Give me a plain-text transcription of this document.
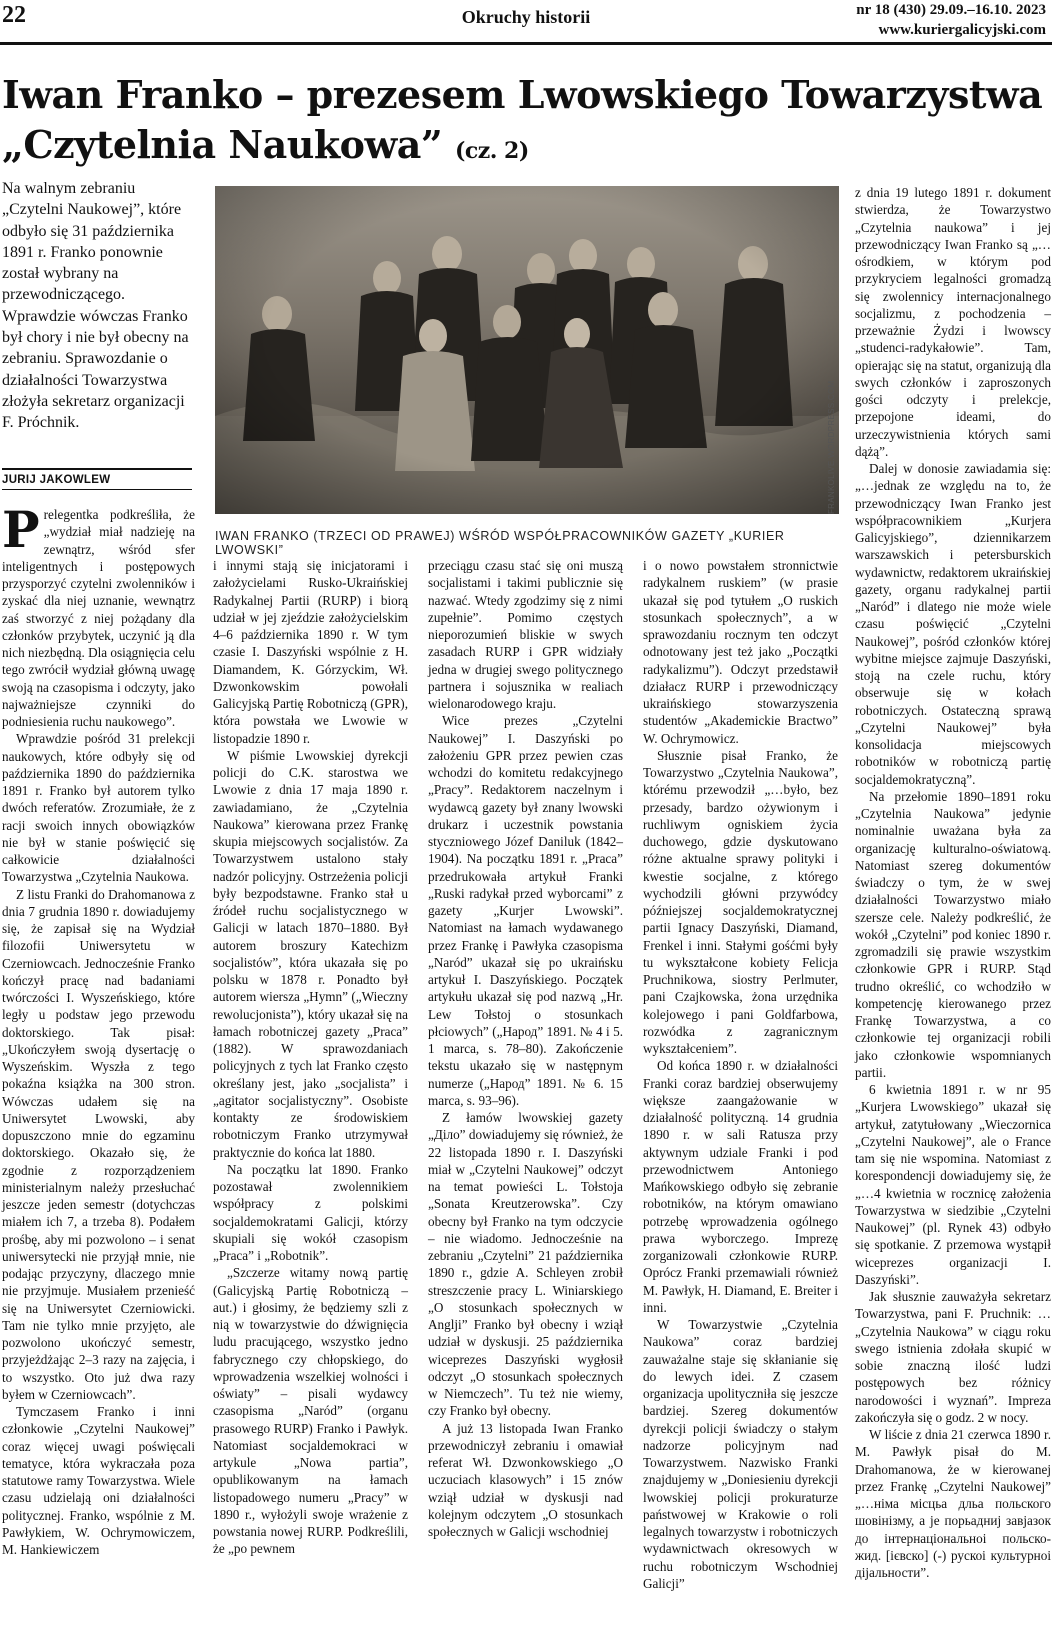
22	Okruchy historii	nr 18 (430) 29.09.–16.10. 2023
www.kuriergalicyjski.com
Iwan Franko – prezesem Lwowskiego Towarzystwa
„Czytelnia Naukowa” (cz. 2)

Na walnym zebraniu „Czytelni Naukowej”, które odbyło się 31 października 1891 r. Franko ponownie został wybrany na przewodniczącego. Wprawdzie wówczas Franko był chory i nie był obecny na zebraniu. Sprawozdanie o działalności Towarzystwa złożyła sekretarz organizacji F. Próchnik.

JURIJ JAKOWLEW	FRANKOLIVE.WORDPRESS.COM

IWAN FRANKO (TRZECI OD PRAWEJ) WŚRÓD WSPÓŁPRACOWNIKÓW GAZETY „KURIER LWOWSKI”

Prelegentka podkreśliła, że „wydział miał nadzieję na zewnątrz, wśród sfer inteligentnych i postępowych przysporzyć czytelni zwolenników i zyskać dla niej uznanie, wewnątrz zaś stworzyć z niej pożądany dla członków przybytek, uczynić ją dla nich niezbędną. Dla osiągnięcia celu tego zwrócił wydział główną uwagę swoją na czasopisma i odczyty, jako najważniejsze czynniki do podniesienia ruchu naukowego”.

Wprawdzie pośród 31 prelekcji naukowych, które odbyły się od października 1890 do października 1891 r. Franko był autorem tylko dwóch referatów. Zrozumiałe, że z racji swoich innych obowiązków nie był w stanie poświęcić się całkowicie działalności Towarzystwa „Czytelnia Naukowa.

Z listu Franki do Drahomanowa z dnia 7 grudnia 1890 r. dowiadujemy się, że zapisał się na Wydział filozofii Uniwersytetu w Czerniowcach. Jednocześnie Franko kończył pracę nad badaniami twórczości I. Wyszeńskiego, które legły u podstaw jego przewodu doktorskiego. Tak pisał: „Ukończyłem swoją dysertację o Wyszeńskim. Wyszła z tego pokaźna książka na 300 stron. Wówczas udałem się na Uniwersytet Lwowski, aby dopuszczono mnie do egzaminu doktorskiego. Okazało się, że zgodnie z rozporządzeniem ministerialnym należy przesłuchać jeszcze jeden semestr (dotychczas miałem ich 7, a trzeba 8). Podałem prośbę, aby mi pozwolono – i senat uniwersytecki nie przyjął mnie, nie podając przyczyny, dlaczego mnie nie przyjmuje. Musiałem przenieść się na Uniwersytet Czerniowicki. Tam nie tylko mnie przyjęto, ale pozwolono ukończyć semestr, przyjeżdżając 2–3 razy na zajęcia, i to wszystko. Oto już dwa razy byłem w Czerniowcach”.

Tymczasem Franko i inni członkowie „Czytelni Naukowej” coraz więcej uwagi poświęcali tematyce, która wykraczała poza statutowe ramy Towarzystwa. Wiele czasu udzielają oni działalności politycznej. Franko, wspólnie z M. Pawłykiem, W. Ochrymowiczem, M. Hankiewiczem

i innymi stają się inicjatorami i założycielami Rusko-Ukraińskiej Radykalnej Partii (RURP) i biorą udział w jej zjeździe założycielskim 4–6 października 1890 r. W tym czasie I. Daszyński wspólnie z H. Diamandem, K. Górzyckim, Wł. Dzwonkowskim powołali Galicyjską Partię Robotniczą (GPR), która powstała we Lwowie w listopadzie 1890 r.

W piśmie Lwowskiej dyrekcji policji do C.K. starostwa we Lwowie z dnia 17 maja 1890 r. zawiadamiano, że „Czytelnia Naukowa” kierowana przez Frankę skupia miejscowych socjalistów. Za Towarzystwem ustalono stały nadzór policyjny. Ostrzeżenia policji były bezpodstawne. Franko stał u źródeł ruchu socjalistycznego w Galicji w latach 1870–1880. Był autorem broszury Katechizm socjalistów”, która ukazała się po polsku w 1878 r. Ponadto był autorem wiersza „Hymn” („Wieczny rewolucjonista”), który ukazał się na łamach robotniczej gazety „Praca” (1882). W sprawozdaniach policyjnych z tych lat Franko często określany jest, jako „socjalista” i „agitator socjalistyczny”. Osobiste kontakty ze środowiskiem robotniczym Franko utrzymywał praktycznie do końca lat 1880.

Na początku lat 1890. Franko pozostawał zwolennikiem współpracy z polskimi socjaldemokratami Galicji, którzy skupiali się wokół czasopism „Praca” i „Robotnik”.

„Szczerze witamy nową partię (Galicyjską Partię Robotniczą – aut.) i głosimy, że będziemy szli z nią w towarzystwie do dźwignięcia ludu pracującego, wszystko jedno fabrycznego czy chłopskiego, do wprowadzenia wszelkiej wolności i oświaty” – pisali wydawcy czasopisma „Naród” (organu prasowego RURP) Franko i Pawłyk. Natomiast socjaldemokraci w artykule „Nowa partia”, opublikowanym na łamach listopadowego numeru „Pracy” w 1890 r., wyłożyli swoje wrażenie z powstania nowej RURP. Podkreślili, że „po pewnem

przeciągu czasu stać się oni muszą socjalistami i takimi publicznie się nazwać. Wtedy zgodzimy się z nimi zupełnie”. Pomimo częstych nieporozumień bliskie w swych zasadach RURP i GPR widziały jedna w drugiej swego politycznego partnera i sojusznika w realiach wielonarodowego kraju.

Wice prezes „Czytelni Naukowej” I. Daszyński po założeniu GPR przez pewien czas wchodzi do komitetu redakcyjnego „Pracy”. Redaktorem naczelnym i wydawcą gazety był znany lwowski drukarz i uczestnik powstania styczniowego Józef Daniluk (1842–1904). Na początku 1891 r. „Praca” przedrukowała artykuł Franki „Ruski radykał przed wyborcami” z gazety „Kurjer Lwowski”. Natomiast na łamach wydawanego przez Frankę i Pawłyka czasopisma „Naród” ukazał się po ukraińsku artykuł I. Daszyńskiego. Początek artykułu ukazał się pod nazwą „Hr. Lew Tołstoj o stosunkach płciowych” („Народ” 1891. № 4 i 5. 1 marca, s. 78–80). Zakończenie tekstu ukazało się w następnym numerze („Народ” 1891. № 6. 15 marca, s. 93–96).

Z łamów lwowskiej gazety „Діло” dowiadujemy się również, że 22 listopada 1890 r. I. Daszyński miał w „Czytelni Naukowej” odczyt na temat powieści L. Tołstoja „Sonata Kreutzerowska”. Czy obecny był Franko na tym odczycie – nie wiadomo. Jednocześnie na zebraniu „Czytelni” 21 października 1890 r., gdzie A. Schleyen zrobił streszczenie pracy L. Winiarskiego „O stosunkach społecznych w Anglji” Franko był obecny i wziął udział w dyskusji. 25 października wiceprezes Daszyński wygłosił odczyt „O stosunkach społecznych w Niemczech”. Tu też nie wiemy, czy Franko był obecny.

A już 13 listopada Iwan Franko przewodniczył zebraniu i omawiał referat Wł. Dzwonkowskiego „O uczuciach klasowych” i 15 znów wziął udział w dyskusji nad kolejnym odczytem „O stosunkach społecznych w Galicji wschodniej

i o nowo powstałem stronnictwie radykalnem ruskiem” (w prasie ukazał się pod tytułem „O ruskich stosunkach społecznych”, a w sprawozdaniu rocznym ten odczyt odnotowany jest też jako „Początki radykalizmu”). Odczyt przedstawił działacz RURP i przewodniczący ukraińskiego stowarzyszenia studentów „Akademickie Bractwo” W. Ochrymowicz.

Słusznie pisał Franko, że Towarzystwo „Czytelnia Naukowa”, którému przewodził „…było, bez przesady, bardzo ożywionym i ruchliwym ogniskiem życia duchowego, gdzie dyskutowano różne aktualne sprawy polityki i kwestie socjalne, z którego wychodzili główni przywódcy późniejszej socjaldemokratycznej partii Ignacy Daszyński, Diamand, Frenkel i inni. Stałymi gośćmi były tu wykształcone kobiety Felicja Pruchnikowa, siostry Perlmuter, pani Czajkowska, żona urzędnika kolejowego i pani Goldfarbowa, rozwódka z zagranicznym wykształceniem”.

Od końca 1890 r. w działalności Franki coraz bardziej obserwujemy większe zaangażowanie w działalność polityczną. 14 grudnia 1890 r. w sali Ratusza przy aktywnym udziale Franki i pod przewodnictwem Antoniego Mańkowskiego odbyło się zebranie robotników, na którym omawiano potrzebę wprowadzenia ogólnego prawa wyborczego. Imprezę zorganizowali członkowie RURP. Oprócz Franki przemawiali również M. Pawłyk, H. Diamand, E. Breiter i inni.

W Towarzystwie „Czytelnia Naukowa” coraz bardziej zauważalne staje się skłanianie się do lewych idei. Z czasem organizacja upolityczniła się jeszcze bardziej. Szereg dokumentów dyrekcji policji świadczy o stałym nadzorze policyjnym nad Towarzystwem. Nazwisko Franki znajdujemy w „Doniesieniu dyrekcji lwowskiej policji prokuraturze państwowej w Krakowie o roli legalnych towarzystw i robotniczych wydawnictwach okresowych w ruchu robotniczym Wschodniej Galicji”

z dnia 19 lutego 1891 r. dokument stwierdza, że Towarzystwo „Czytelnia naukowa” i jej przewodniczący Iwan Franko są „…ośrodkiem, w którym pod przykryciem legalności gromadzą się zwolennicy internacjonalnego socjalizmu, z pochodzenia – przeważnie Żydzi i lwowscy „studenci-radykałowie”. Tam, opierając się na statut, organizują dla swych członków i zaproszonych gości odczyty i prelekcje, przepojone ideami, do urzeczywistnienia których sami dążą”.

Dalej w donosie zawiadamia się: „…jednak ze względu na to, że przewodniczący Iwan Franko jest współpracownikiem „Kurjera Galicyjskiego”, dziennikarzem warszawskich i petersburskich wydawnictw, redaktorem ukraińskiej gazety, organu radykalnej partii „Naród” i dlatego nie może wiele czasu poświęcić „Czytelni Naukowej”, pośród członków której wybitne miejsce zajmuje Daszyński, stoją na czele ruchu, który obserwuje się w kołach robotniczych. Ostateczną sprawą „Czytelni Naukowej” była konsolidacja miejscowych robotników w robotniczą partię socjaldemokratyczną”.

Na przełomie 1890–1891 roku „Czytelnia Naukowa” jedynie nominalnie uważana była za organizację kulturalno-oświatową. Natomiast szereg dokumentów świadczy o tym, że w swej działalności Towarzystwo miało szersze cele. Należy podkreślić, że wokół „Czytelni” pod koniec 1890 r. zgromadzili się prawie wszystkim członkowie GPR i RURP. Stąd trudno określić, co wchodziło w kompetencję kierowanego przez Frankę Towarzystwa, a co członkowie tej organizacji robili jako członkowie wspomnianych partii.

6 kwietnia 1891 r. w nr 95 „Kurjera Lwowskiego” ukazał się artykuł, zatytułowany „Wieczornica „Czytelni Naukowej”, ale o France tam się nie wspomina. Natomiast z korespondencji dowiadujemy się, że „…4 kwietnia w rocznicę założenia Towarzystwa w siedzibie „Czytelni Naukowej” (pl. Rynek 43) odbyło się spotkanie. Z przemowa wystąpił wiceprezes organizacji I. Daszyński”.

Jak słusznie zauważyła sekretarz Towarzystwa, pani F. Pruchnik: … „Czytelnia Naukowa” w ciągu roku swego istnienia zdołała skupić w sobie znaczną ilość ludzi postępowych bez różnicy narodowości i wyznań”. Impreza zakończyła się o godz. 2 w nocy.

W liście z dnia 21 czerwca 1890 r. M. Pawłyk pisał do M. Drahomanowa, że w kierowanej przez Frankę „Czytelni Naukowej” „…німа місцьа дльа польского шовінізму, а је порьадниј завјазок до інтернаціональноі польско-жид. [ієвско] (-) рускоі культурноі діјальности”.
